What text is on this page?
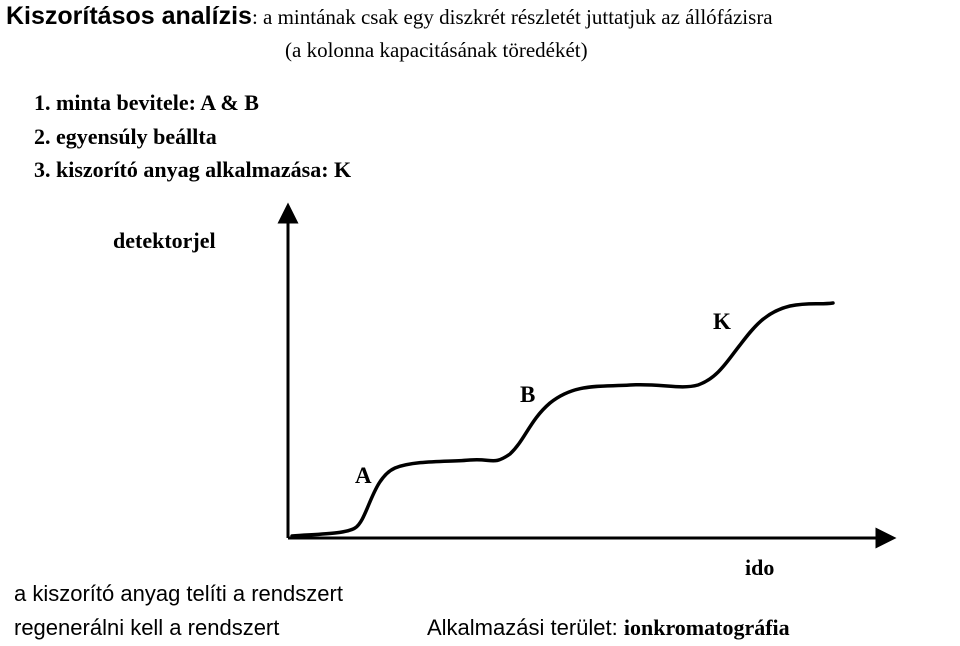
Kiszorításos analízis: a mintának csak egy diszkrét részletét juttatjuk az állófázisra
(a kolonna kapacitásának töredékét)
1. minta bevitele: A & B
2. egyensúly beállta
3. kiszorító anyag alkalmazása: K
detektorjel
A
B
K
ido
a kiszorító anyag telíti a rendszert
regenerálni kell a rendszert	Alkalmazási terület: ionkromatográfia
